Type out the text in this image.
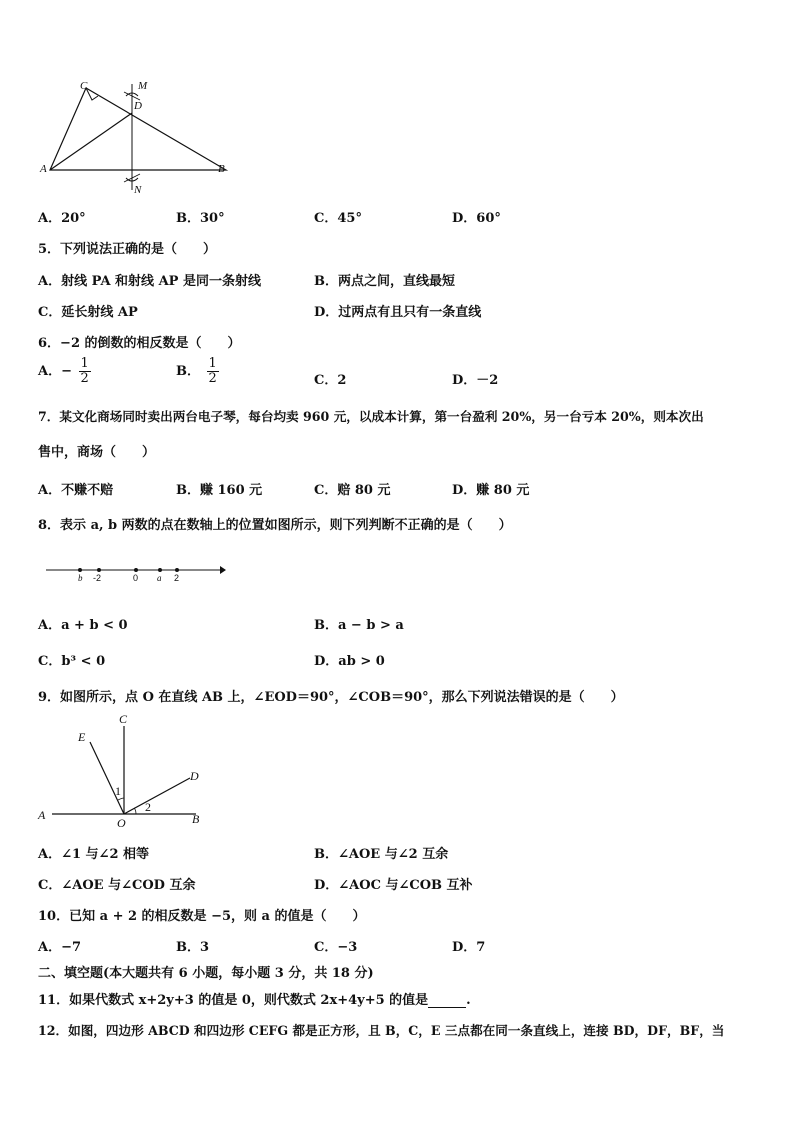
C	M
D
A	B
N
A．20°	B．30°	C．45°	D．60°
5．下列说法正确的是（　　）
A．射线 PA 和射线 AP 是同一条射线	B．两点之间，直线最短
C．延长射线 AP	D．过两点有且只有一条直线
6．−2 的倒数的相反数是（　　）
A．− $\frac{1}{2}$	B． $\frac{1}{2}$	C．2	D．－2
7．某文化商场同时卖出两台电子琴，每台均卖 960 元，以成本计算，第一台盈利 20%，另一台亏本 20%，则本次出
售中，商场（　　）
A．不赚不赔	B．赚 160 元	C．赔 80 元	D．赚 80 元
8．表示 a, b 两数的点在数轴上的位置如图所示，则下列判断不正确的是（　　）
b -2	0 a 2
A．a + b < 0	B．a − b > a
C．b³ < 0	D．ab > 0
9．如图所示，点 O 在直线 AB 上，∠EOD＝90°，∠COB＝90°，那么下列说法错误的是（　　）
C
E
D
1
2
A
O	B
A．∠1 与∠2 相等	B．∠AOE 与∠2 互余
C．∠AOE 与∠COD 互余	D．∠AOC 与∠COB 互补
10．已知 a + 2 的相反数是 −5，则 a 的值是（　　）
A．−7	B．3	C．−3	D．7
二、填空题(本大题共有 6 小题，每小题 3 分，共 18 分)
11．如果代数式 x+2y+3 的值是 0，则代数式 2x+4y+5 的值是	.
12．如图，四边形 ABCD 和四边形 CEFG 都是正方形，且 B，C，E 三点都在同一条直线上，连接 BD，DF，BF，当
